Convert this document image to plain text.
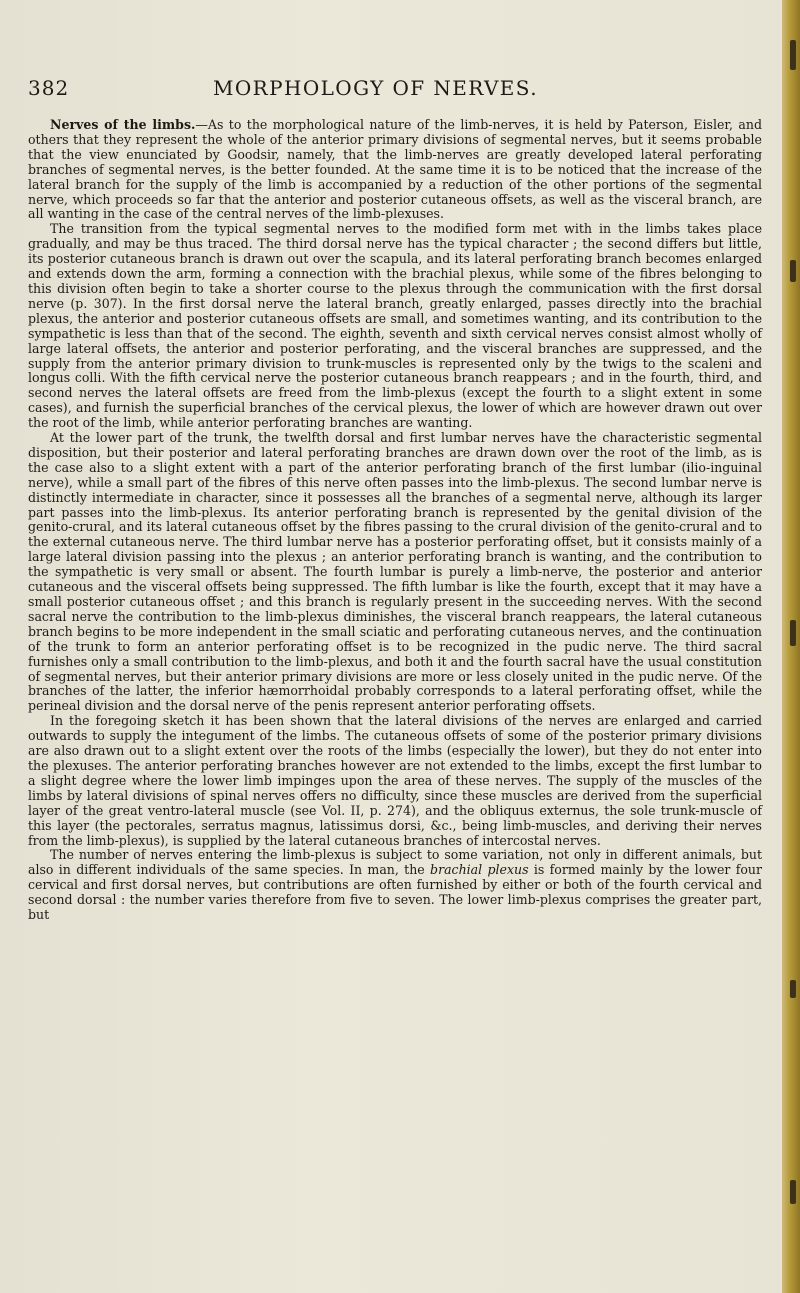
382	MORPHOLOGY OF NERVES.

Nerves of the limbs.—As to the morphological nature of the limb-nerves, it is held by Paterson, Eisler, and others that they represent the whole of the anterior primary divisions of segmental nerves, but it seems probable that the view enunciated by Goodsir, namely, that the limb-nerves are greatly developed lateral perforating branches of segmental nerves, is the better founded. At the same time it is to be noticed that the increase of the lateral branch for the supply of the limb is accompanied by a reduction of the other portions of the segmental nerve, which proceeds so far that the anterior and posterior cutaneous offsets, as well as the visceral branch, are all wanting in the case of the central nerves of the limb-plexuses.

The transition from the typical segmental nerves to the modified form met with in the limbs takes place gradually, and may be thus traced. The third dorsal nerve has the typical character ; the second differs but little, its posterior cutaneous branch is drawn out over the scapula, and its lateral perforating branch becomes enlarged and extends down the arm, forming a connection with the brachial plexus, while some of the fibres belonging to this division often begin to take a shorter course to the plexus through the communication with the first dorsal nerve (p. 307). In the first dorsal nerve the lateral branch, greatly enlarged, passes directly into the brachial plexus, the anterior and posterior cutaneous offsets are small, and sometimes wanting, and its contribution to the sympathetic is less than that of the second. The eighth, seventh and sixth cervical nerves consist almost wholly of large lateral offsets, the anterior and posterior perforating, and the visceral branches are suppressed, and the supply from the anterior primary division to trunk-muscles is represented only by the twigs to the scaleni and longus colli. With the fifth cervical nerve the posterior cutaneous branch reappears ; and in the fourth, third, and second nerves the lateral offsets are freed from the limb-plexus (except the fourth to a slight extent in some cases), and furnish the superficial branches of the cervical plexus, the lower of which are however drawn out over the root of the limb, while anterior perforating branches are wanting.

At the lower part of the trunk, the twelfth dorsal and first lumbar nerves have the characteristic segmental disposition, but their posterior and lateral perforating branches are drawn down over the root of the limb, as is the case also to a slight extent with a part of the anterior perforating branch of the first lumbar (ilio-inguinal nerve), while a small part of the fibres of this nerve often passes into the limb-plexus. The second lumbar nerve is distinctly intermediate in character, since it possesses all the branches of a segmental nerve, although its larger part passes into the limb-plexus. Its anterior perforating branch is represented by the genital division of the genito-crural, and its lateral cutaneous offset by the fibres passing to the crural division of the genito-crural and to the external cutaneous nerve. The third lumbar nerve has a posterior perforating offset, but it consists mainly of a large lateral division passing into the plexus ; an anterior perforating branch is wanting, and the contribution to the sympathetic is very small or absent. The fourth lumbar is purely a limb-nerve, the posterior and anterior cutaneous and the visceral offsets being suppressed. The fifth lumbar is like the fourth, except that it may have a small posterior cutaneous offset ; and this branch is regularly present in the succeeding nerves. With the second sacral nerve the contribution to the limb-plexus diminishes, the visceral branch reappears, the lateral cutaneous branch begins to be more independent in the small sciatic and perforating cutaneous nerves, and the continuation of the trunk to form an anterior perforating offset is to be recognized in the pudic nerve. The third sacral furnishes only a small contribution to the limb-plexus, and both it and the fourth sacral have the usual constitution of segmental nerves, but their anterior primary divisions are more or less closely united in the pudic nerve. Of the branches of the latter, the inferior hæmorrhoidal probably corresponds to a lateral perforating offset, while the perineal division and the dorsal nerve of the penis represent anterior perforating offsets.

In the foregoing sketch it has been shown that the lateral divisions of the nerves are enlarged and carried outwards to supply the integument of the limbs. The cutaneous offsets of some of the posterior primary divisions are also drawn out to a slight extent over the roots of the limbs (especially the lower), but they do not enter into the plexuses. The anterior perforating branches however are not extended to the limbs, except the first lumbar to a slight degree where the lower limb impinges upon the area of these nerves. The supply of the muscles of the limbs by lateral divisions of spinal nerves offers no difficulty, since these muscles are derived from the superficial layer of the great ventro-lateral muscle (see Vol. II, p. 274), and the obliquus externus, the sole trunk-muscle of this layer (the pectorales, serratus magnus, latissimus dorsi, &c., being limb-muscles, and deriving their nerves from the limb-plexus), is supplied by the lateral cutaneous branches of intercostal nerves.

The number of nerves entering the limb-plexus is subject to some variation, not only in different animals, but also in different individuals of the same species. In man, the brachial plexus is formed mainly by the lower four cervical and first dorsal nerves, but contributions are often furnished by either or both of the fourth cervical and second dorsal : the number varies therefore from five to seven. The lower limb-plexus comprises the greater part, but
